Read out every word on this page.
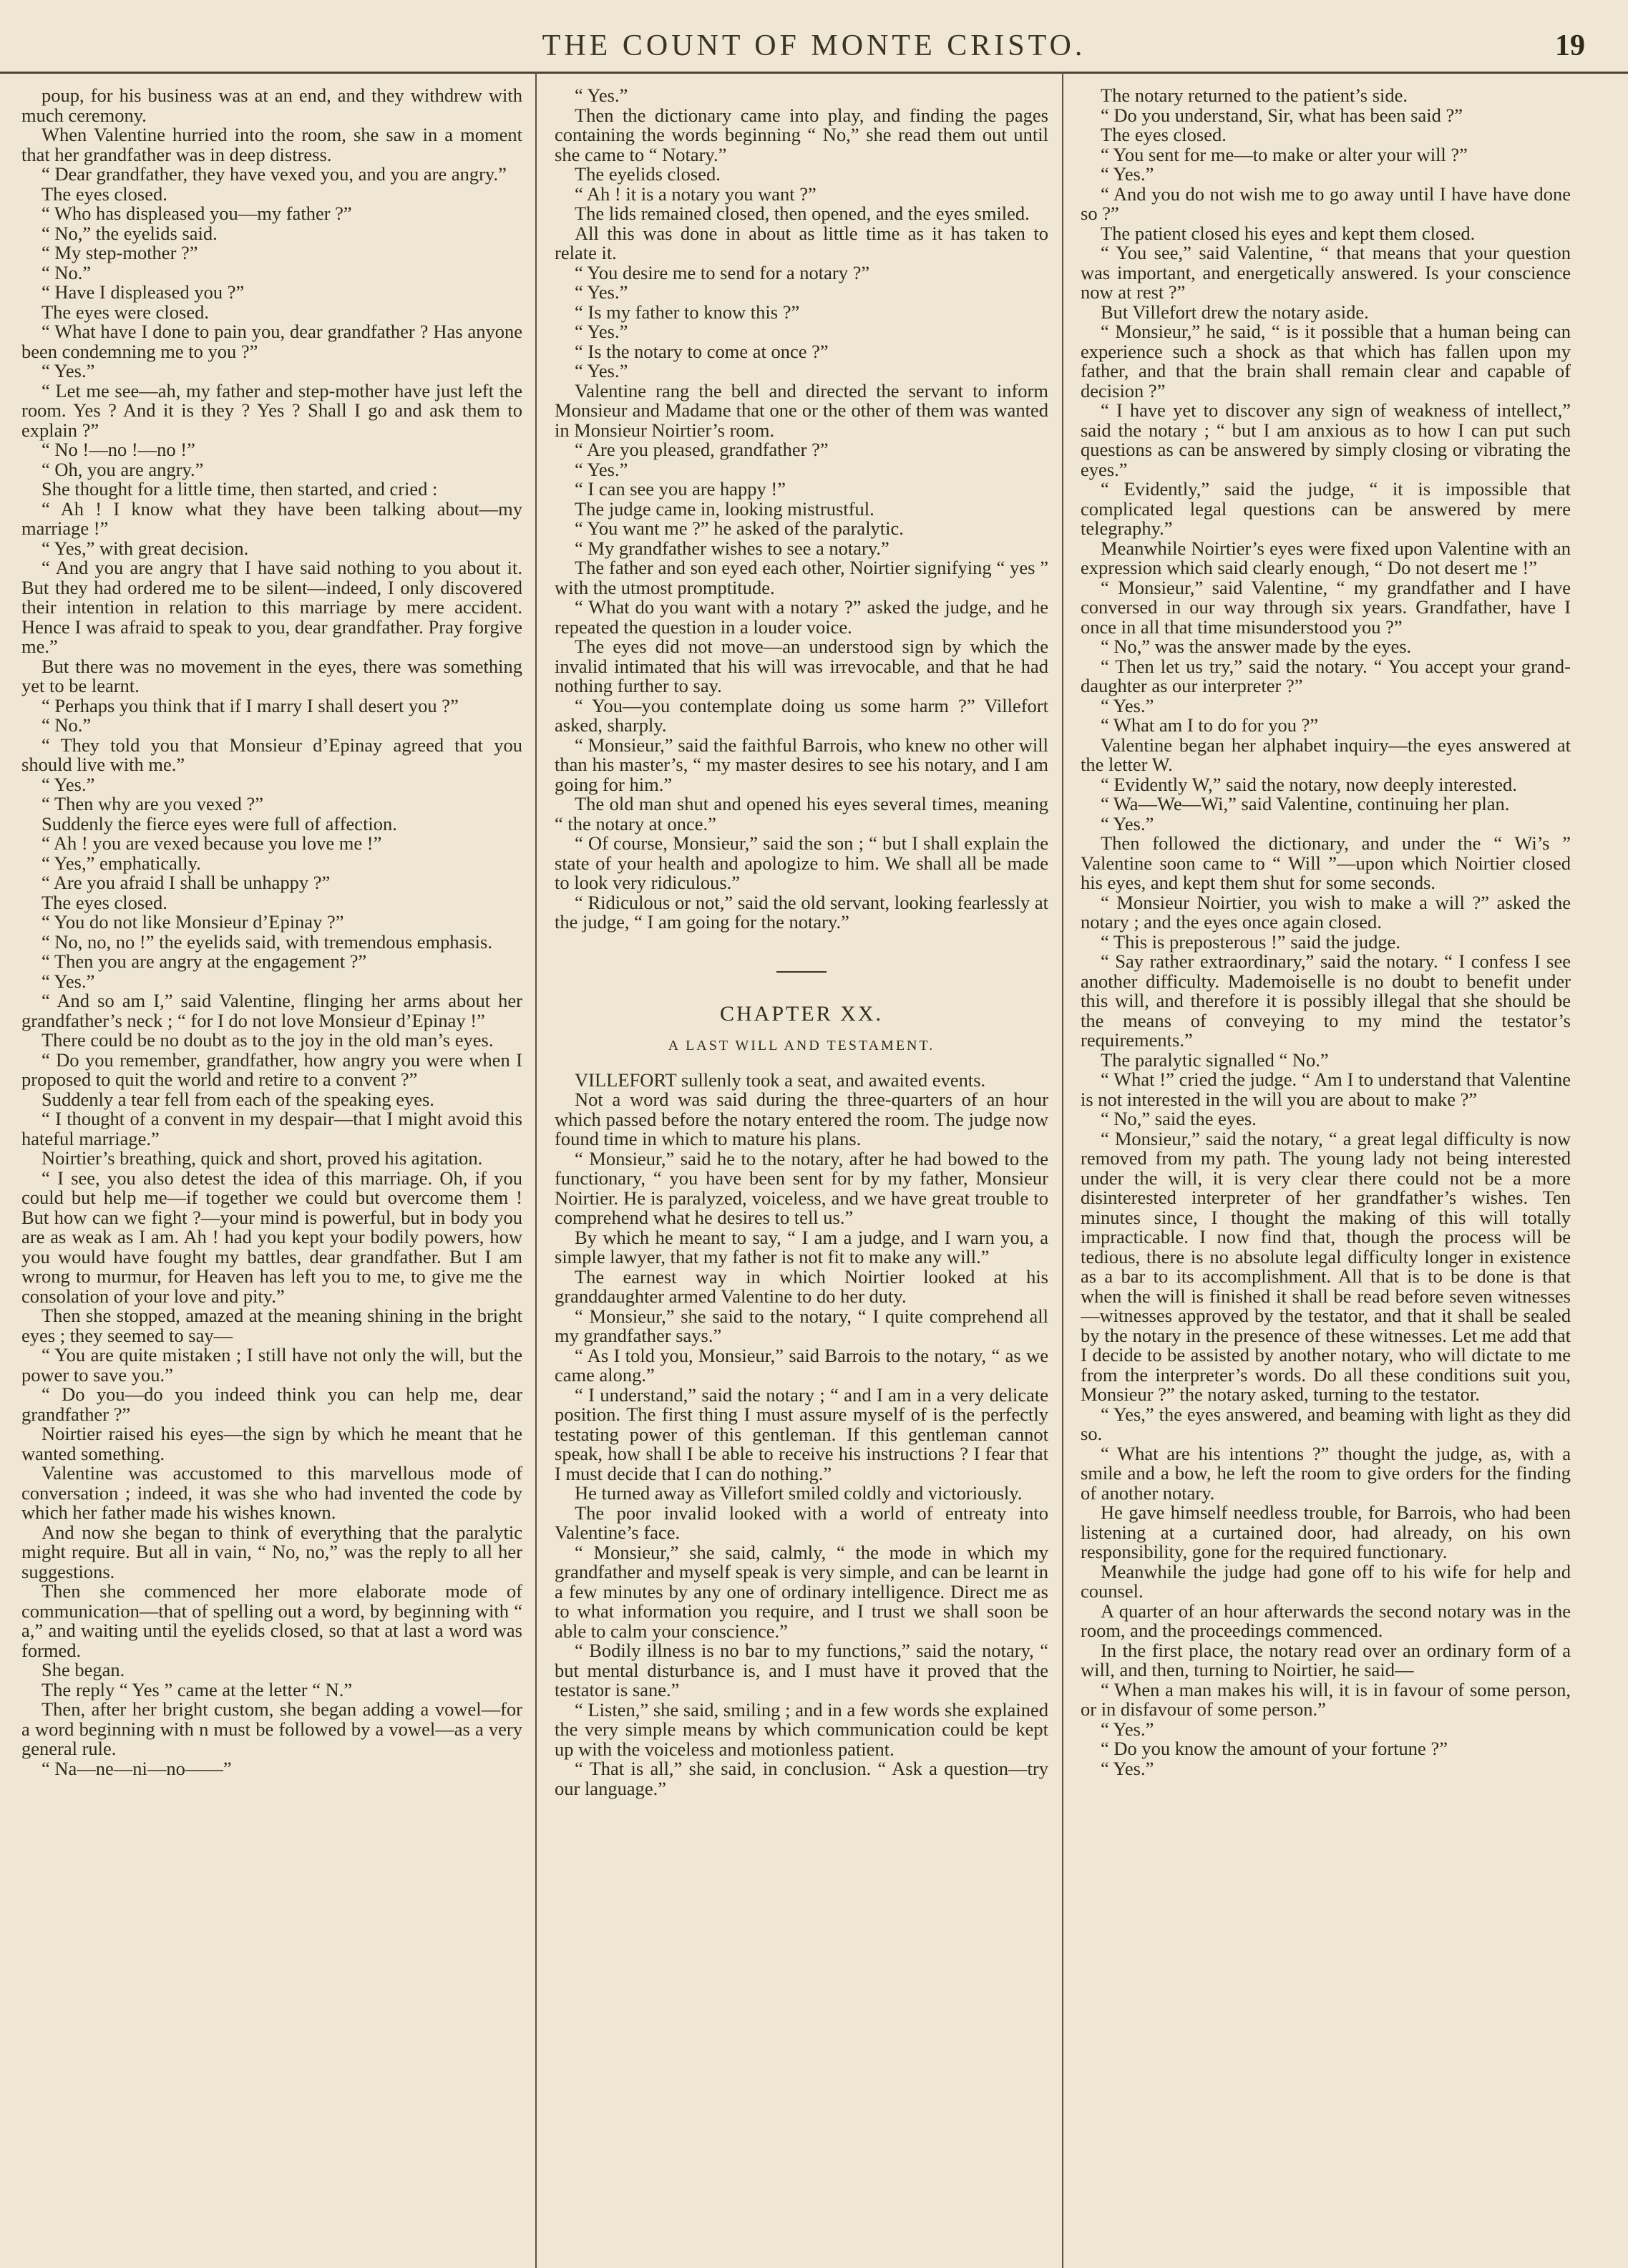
THE COUNT OF MONTE CRISTO.	19

poup, for his business was at an end, and they withdrew with much ceremony.

When Valentine hurried into the room, she saw in a moment that her grandfather was in deep distress.

“ Dear grandfather, they have vexed you, and you are angry.”

The eyes closed.

“ Who has displeased you—my father ?”

“ No,” the eyelids said.

“ My step-mother ?”

“ No.”

“ Have I displeased you ?”

The eyes were closed.

“ What have I done to pain you, dear grandfather ? Has anyone been condemning me to you ?”

“ Yes.”

“ Let me see—ah, my father and step-mother have just left the room. Yes ? And it is they ? Yes ? Shall I go and ask them to explain ?”

“ No !—no !—no !”

“ Oh, you are angry.”

She thought for a little time, then started, and cried :

“ Ah ! I know what they have been talking about—my marriage !”

“ Yes,” with great decision.

“ And you are angry that I have said nothing to you about it. But they had ordered me to be silent—indeed, I only discovered their intention in relation to this marriage by mere accident. Hence I was afraid to speak to you, dear grandfather. Pray forgive me.”

But there was no movement in the eyes, there was something yet to be learnt.

“ Perhaps you think that if I marry I shall desert you ?”

“ No.”

“ They told you that Monsieur d’Epinay agreed that you should live with me.”

“ Yes.”

“ Then why are you vexed ?”

Suddenly the fierce eyes were full of affection.

“ Ah ! you are vexed because you love me !”

“ Yes,” emphatically.

“ Are you afraid I shall be unhappy ?”

The eyes closed.

“ You do not like Monsieur d’Epinay ?”

“ No, no, no !” the eyelids said, with tremendous emphasis.

“ Then you are angry at the engagement ?”

“ Yes.”

“ And so am I,” said Valentine, flinging her arms about her grandfather’s neck ; “ for I do not love Monsieur d’Epinay !”

There could be no doubt as to the joy in the old man’s eyes.

“ Do you remember, grandfather, how angry you were when I proposed to quit the world and retire to a convent ?”

Suddenly a tear fell from each of the speaking eyes.

“ I thought of a convent in my despair—that I might avoid this hateful marriage.”

Noirtier’s breathing, quick and short, proved his agitation.

“ I see, you also detest the idea of this marriage. Oh, if you could but help me—if together we could but overcome them ! But how can we fight ?—your mind is powerful, but in body you are as weak as I am. Ah ! had you kept your bodily powers, how you would have fought my battles, dear grandfather. But I am wrong to murmur, for Heaven has left you to me, to give me the consolation of your love and pity.”

Then she stopped, amazed at the meaning shining in the bright eyes ; they seemed to say—

“ You are quite mistaken ; I still have not only the will, but the power to save you.”

“ Do you—do you indeed think you can help me, dear grandfather ?”

Noirtier raised his eyes—the sign by which he meant that he wanted something.

Valentine was accustomed to this marvellous mode of conversation ; indeed, it was she who had invented the code by which her father made his wishes known.

And now she began to think of everything that the paralytic might require. But all in vain, “ No, no,” was the reply to all her suggestions.

Then she commenced her more elaborate mode of communication—that of spelling out a word, by beginning with “ a,” and waiting until the eyelids closed, so that at last a word was formed.

She began.

The reply “ Yes ” came at the letter “ N.”

Then, after her bright custom, she began adding a vowel—for a word beginning with n must be followed by a vowel—as a very general rule.

“ Na—ne—ni—no——”

“ Yes.”

Then the dictionary came into play, and finding the pages containing the words beginning “ No,” she read them out until she came to “ Notary.”

The eyelids closed.

“ Ah ! it is a notary you want ?”

The lids remained closed, then opened, and the eyes smiled.

All this was done in about as little time as it has taken to relate it.

“ You desire me to send for a notary ?”

“ Yes.”

“ Is my father to know this ?”

“ Yes.”

“ Is the notary to come at once ?”

“ Yes.”

Valentine rang the bell and directed the servant to inform Monsieur and Madame that one or the other of them was wanted in Monsieur Noirtier’s room.

“ Are you pleased, grandfather ?”

“ Yes.”

“ I can see you are happy !”

The judge came in, looking mistrustful.

“ You want me ?” he asked of the paralytic.

“ My grandfather wishes to see a notary.”

The father and son eyed each other, Noirtier signifying “ yes ” with the utmost promptitude.

“ What do you want with a notary ?” asked the judge, and he repeated the question in a louder voice.

The eyes did not move—an understood sign by which the invalid intimated that his will was irrevocable, and that he had nothing further to say.

“ You—you contemplate doing us some harm ?” Villefort asked, sharply.

“ Monsieur,” said the faithful Barrois, who knew no other will than his master’s, “ my master desires to see his notary, and I am going for him.”

The old man shut and opened his eyes several times, meaning “ the notary at once.”

“ Of course, Monsieur,” said the son ; “ but I shall explain the state of your health and apologize to him. We shall all be made to look very ridiculous.”

“ Ridiculous or not,” said the old servant, looking fearlessly at the judge, “ I am going for the notary.”

CHAPTER XX.
A LAST WILL AND TESTAMENT.

VILLEFORT sullenly took a seat, and awaited events.

Not a word was said during the three-quarters of an hour which passed before the notary entered the room. The judge now found time in which to mature his plans.

“ Monsieur,” said he to the notary, after he had bowed to the functionary, “ you have been sent for by my father, Monsieur Noirtier. He is paralyzed, voiceless, and we have great trouble to comprehend what he desires to tell us.”

By which he meant to say, “ I am a judge, and I warn you, a simple lawyer, that my father is not fit to make any will.”

The earnest way in which Noirtier looked at his granddaughter armed Valentine to do her duty.

“ Monsieur,” she said to the notary, “ I quite comprehend all my grandfather says.”

“ As I told you, Monsieur,” said Barrois to the notary, “ as we came along.”

“ I understand,” said the notary ; “ and I am in a very delicate position. The first thing I must assure myself of is the perfectly testating power of this gentleman. If this gentleman cannot speak, how shall I be able to receive his instructions ? I fear that I must decide that I can do nothing.”

He turned away as Villefort smiled coldly and victoriously.

The poor invalid looked with a world of entreaty into Valentine’s face.

“ Monsieur,” she said, calmly, “ the mode in which my grandfather and myself speak is very simple, and can be learnt in a few minutes by any one of ordinary intelligence. Direct me as to what information you require, and I trust we shall soon be able to calm your conscience.”

“ Bodily illness is no bar to my functions,” said the notary, “ but mental disturbance is, and I must have it proved that the testator is sane.”

“ Listen,” she said, smiling ; and in a few words she explained the very simple means by which communication could be kept up with the voiceless and motionless patient.

“ That is all,” she said, in conclusion. “ Ask a question—try our language.”

The notary returned to the patient’s side.

“ Do you understand, Sir, what has been said ?”

The eyes closed.

“ You sent for me—to make or alter your will ?”

“ Yes.”

“ And you do not wish me to go away until I have have done so ?”

The patient closed his eyes and kept them closed.

“ You see,” said Valentine, “ that means that your question was important, and energetically answered. Is your conscience now at rest ?”

But Villefort drew the notary aside.

“ Monsieur,” he said, “ is it possible that a human being can experience such a shock as that which has fallen upon my father, and that the brain shall remain clear and capable of decision ?”

“ I have yet to discover any sign of weakness of intellect,” said the notary ; “ but I am anxious as to how I can put such questions as can be answered by simply closing or vibrating the eyes.”

“ Evidently,” said the judge, “ it is impossible that complicated legal questions can be answered by mere telegraphy.”

Meanwhile Noirtier’s eyes were fixed upon Valentine with an expression which said clearly enough, “ Do not desert me !”

“ Monsieur,” said Valentine, “ my grandfather and I have conversed in our way through six years. Grandfather, have I once in all that time misunderstood you ?”

“ No,” was the answer made by the eyes.

“ Then let us try,” said the notary. “ You accept your grand-daughter as our interpreter ?”

“ Yes.”

“ What am I to do for you ?”

Valentine began her alphabet inquiry—the eyes answered at the letter W.

“ Evidently W,” said the notary, now deeply interested.

“ Wa—We—Wi,” said Valentine, continuing her plan.

“ Yes.”

Then followed the dictionary, and under the “ Wi’s ” Valentine soon came to “ Will ”—upon which Noirtier closed his eyes, and kept them shut for some seconds.

“ Monsieur Noirtier, you wish to make a will ?” asked the notary ; and the eyes once again closed.

“ This is preposterous !” said the judge.

“ Say rather extraordinary,” said the notary. “ I confess I see another difficulty. Mademoiselle is no doubt to benefit under this will, and therefore it is possibly illegal that she should be the means of conveying to my mind the testator’s requirements.”

The paralytic signalled “ No.”

“ What !” cried the judge. “ Am I to understand that Valentine is not interested in the will you are about to make ?”

“ No,” said the eyes.

“ Monsieur,” said the notary, “ a great legal difficulty is now removed from my path. The young lady not being interested under the will, it is very clear there could not be a more disinterested interpreter of her grandfather’s wishes. Ten minutes since, I thought the making of this will totally impracticable. I now find that, though the process will be tedious, there is no absolute legal difficulty longer in existence as a bar to its accomplishment. All that is to be done is that when the will is finished it shall be read before seven witnesses—witnesses approved by the testator, and that it shall be sealed by the notary in the presence of these witnesses. Let me add that I decide to be assisted by another notary, who will dictate to me from the interpreter’s words. Do all these conditions suit you, Monsieur ?” the notary asked, turning to the testator.

“ Yes,” the eyes answered, and beaming with light as they did so.

“ What are his intentions ?” thought the judge, as, with a smile and a bow, he left the room to give orders for the finding of another notary.

He gave himself needless trouble, for Barrois, who had been listening at a curtained door, had already, on his own responsibility, gone for the required functionary.

Meanwhile the judge had gone off to his wife for help and counsel.

A quarter of an hour afterwards the second notary was in the room, and the proceedings commenced.

In the first place, the notary read over an ordinary form of a will, and then, turning to Noirtier, he said—

“ When a man makes his will, it is in favour of some person, or in disfavour of some person.”

“ Yes.”

“ Do you know the amount of your fortune ?”

“ Yes.”
